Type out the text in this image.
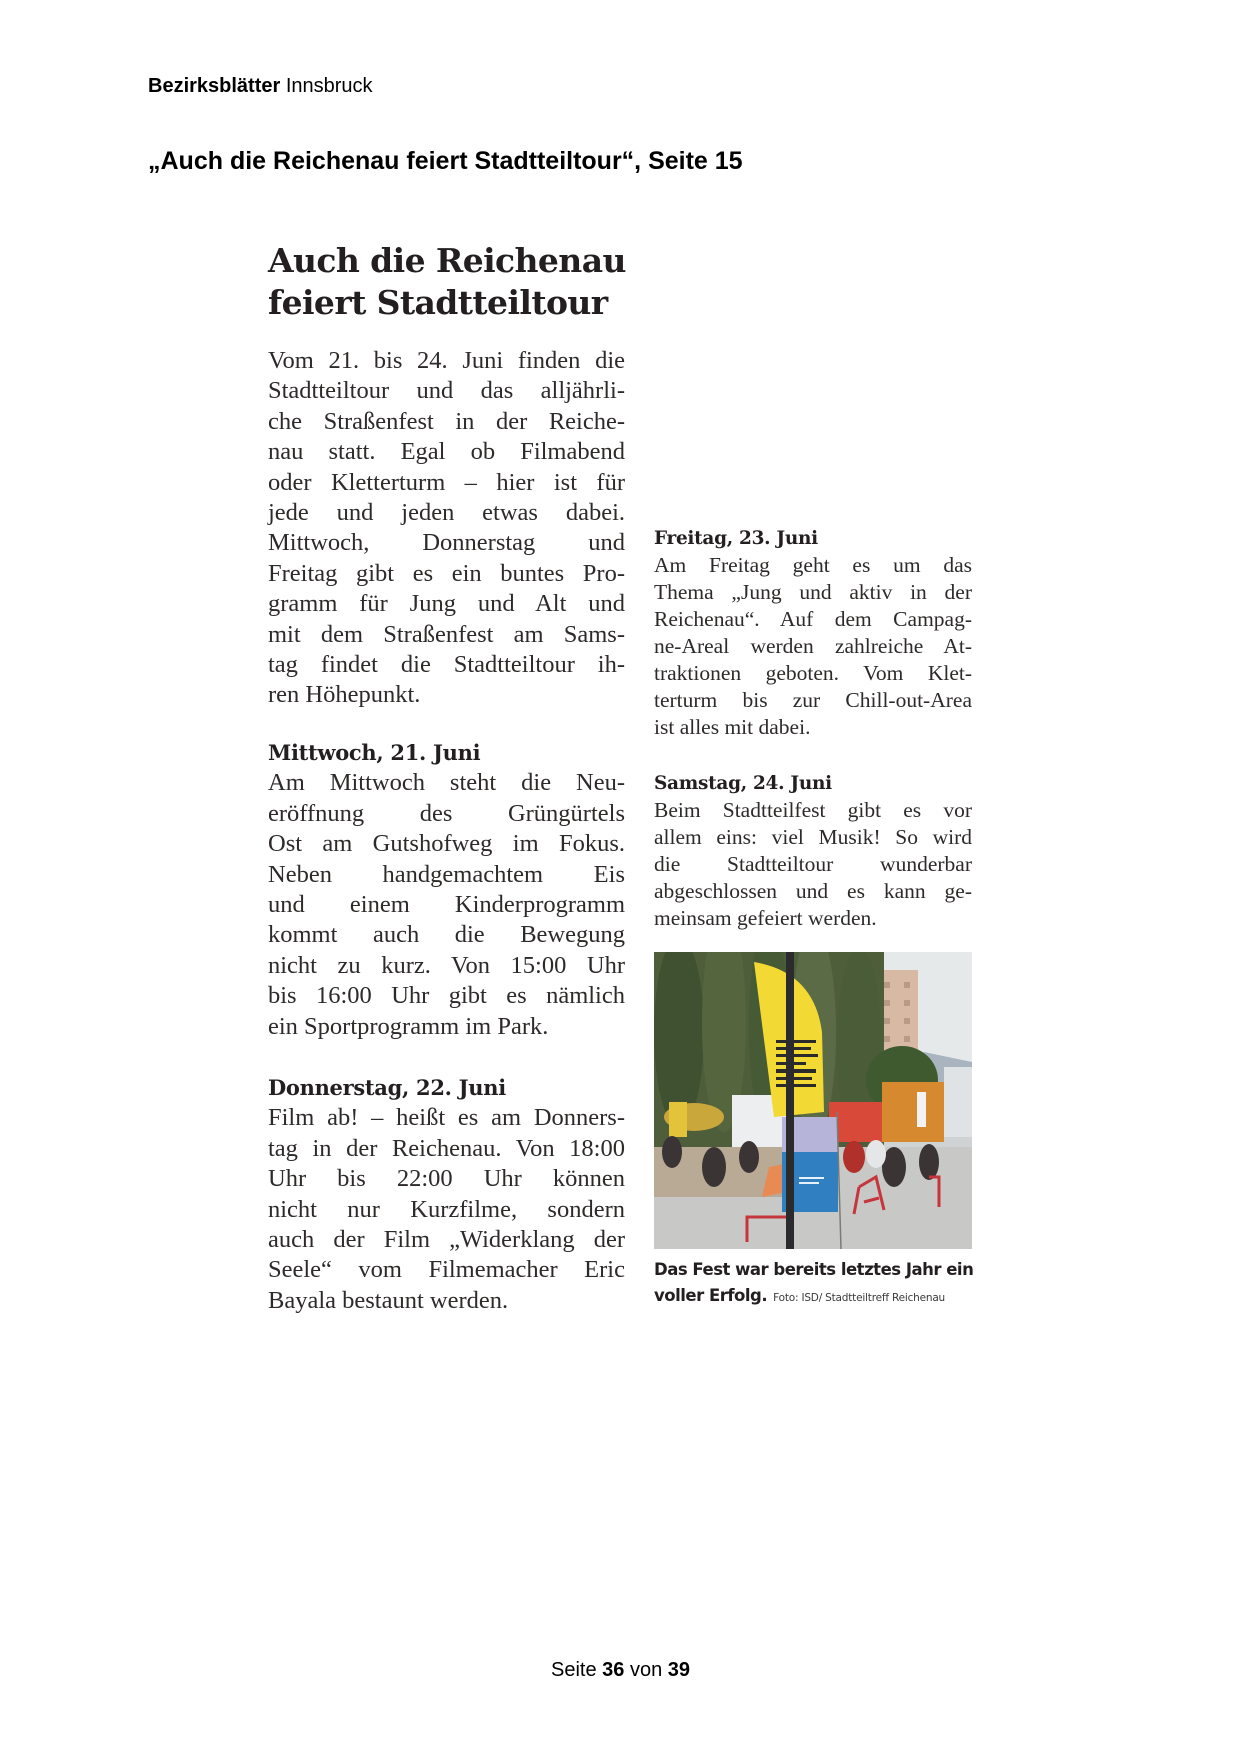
Bezirksblätter Innsbruck
„Auch die Reichenau feiert Stadtteiltour“, Seite 15
Auch die Reichenau
feiert Stadtteiltour
Vom 21. bis 24. Juni finden die
Stadtteiltour und das alljährli-
che Straßenfest in der Reiche-
nau statt. Egal ob Filmabend
oder Kletterturm – hier ist für
jede und jeden etwas dabei.
Mittwoch, Donnerstag und
Freitag gibt es ein buntes Pro-
gramm für Jung und Alt und
mit dem Straßenfest am Sams-
tag findet die Stadtteiltour ih-
ren Höhepunkt.
Mittwoch, 21. Juni
Am Mittwoch steht die Neu-
eröffnung des Grüngürtels
Ost am Gutshofweg im Fokus.
Neben handgemachtem Eis
und einem Kinderprogramm
kommt auch die Bewegung
nicht zu kurz. Von 15:00 Uhr
bis 16:00 Uhr gibt es nämlich
ein Sportprogramm im Park.
Donnerstag, 22. Juni
Film ab! – heißt es am Donners-
tag in der Reichenau. Von 18:00
Uhr bis 22:00 Uhr können
nicht nur Kurzfilme, sondern
auch der Film „Widerklang der
Seele“ vom Filmemacher Eric
Bayala bestaunt werden.
Freitag, 23. Juni
Am Freitag geht es um das
Thema „Jung und aktiv in der
Reichenau“. Auf dem Campag-
ne-Areal werden zahlreiche At-
traktionen geboten. Vom Klet-
terturm bis zur Chill-out-Area
ist alles mit dabei.
Samstag, 24. Juni
Beim Stadtteilfest gibt es vor
allem eins: viel Musik! So wird
die Stadtteiltour wunderbar
abgeschlossen und es kann ge-
meinsam gefeiert werden.
Das Fest war bereits letztes Jahr ein
voller Erfolg. Foto: ISD/ Stadtteiltreff Reichenau
Seite 36 von 39
